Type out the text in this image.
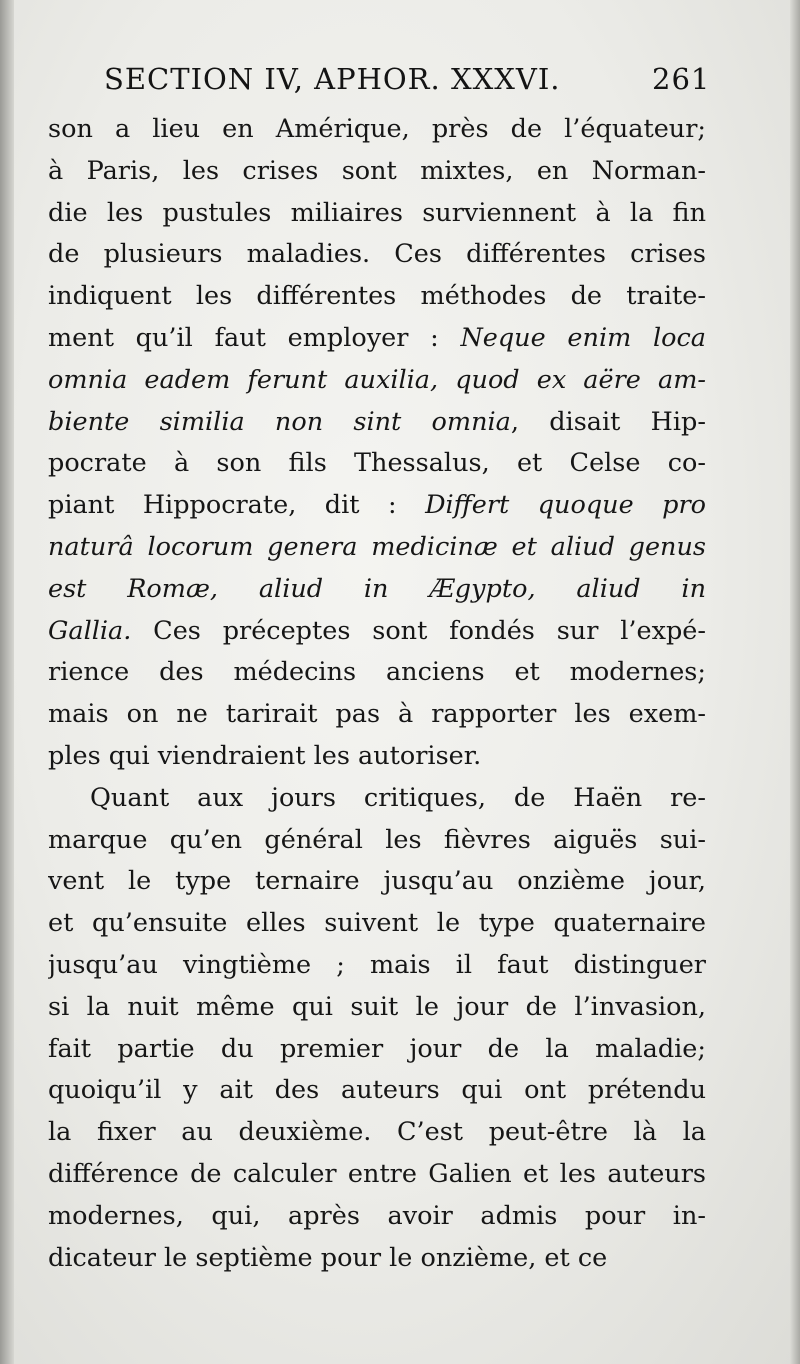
SECTION IV, APHOR. XXXVI.	261
son a lieu en Amérique, près de l’équateur;
à Paris, les crises sont mixtes, en Norman-
die les pustules miliaires surviennent à la fin
de plusieurs maladies. Ces différentes crises
indiquent les différentes méthodes de traite-
ment qu’il faut employer : Neque enim loca
omnia eadem ferunt auxilia, quod ex aëre am-
biente similia non sint omnia, disait Hip-
pocrate à son fils Thessalus, et Celse co-
piant Hippocrate, dit : Differt quoque pro
naturâ locorum genera medicinæ et aliud genus
est Romæ, aliud in Ægypto, aliud in
Gallia. Ces préceptes sont fondés sur l’expé-
rience des médecins anciens et modernes;
mais on ne tarirait pas à rapporter les exem-
ples qui viendraient les autoriser.
Quant aux jours critiques, de Haën re-
marque qu’en général les fièvres aiguës sui-
vent le type ternaire jusqu’au onzième jour,
et qu’ensuite elles suivent le type quaternaire
jusqu’au vingtième ; mais il faut distinguer
si la nuit même qui suit le jour de l’invasion,
fait partie du premier jour de la maladie;
quoiqu’il y ait des auteurs qui ont prétendu
la fixer au deuxième. C’est peut-être là la
différence de calculer entre Galien et les auteurs
modernes, qui, après avoir admis pour in-
dicateur le septième pour le onzième, et ce
